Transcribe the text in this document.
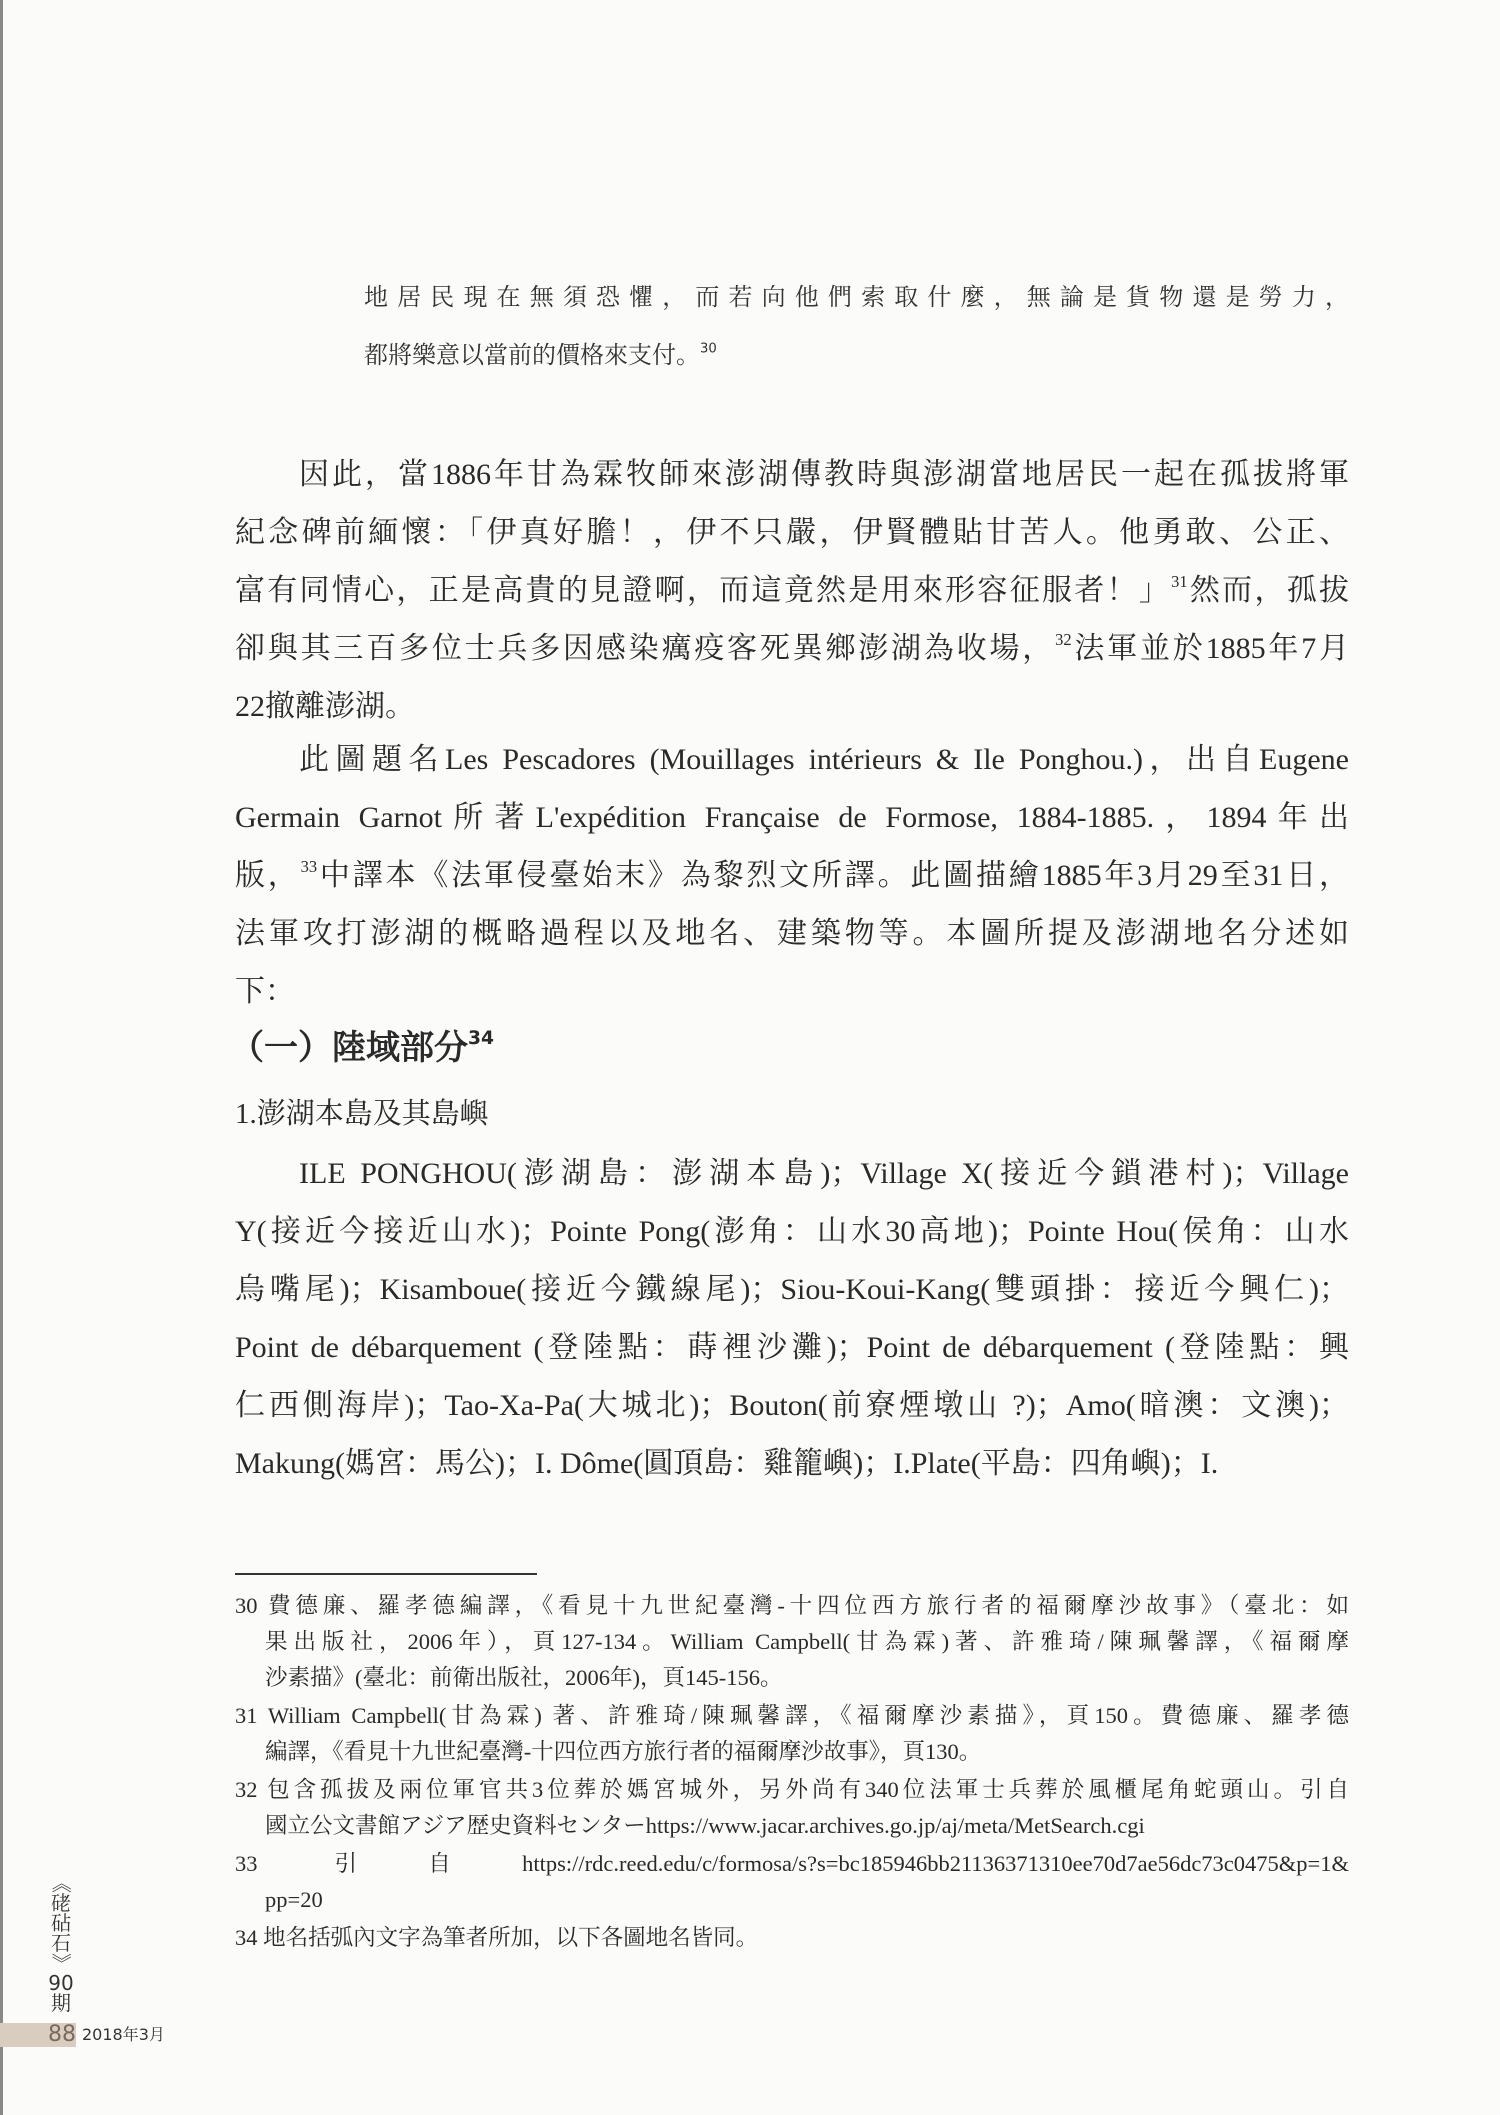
地居民現在無須恐懼，而若向他們索取什麼，無論是貨物還是勞力，
都將樂意以當前的價格來支付。$^{30}$
因此，當1886年甘為霖牧師來澎湖傳教時與澎湖當地居民一起在孤拔將軍
紀念碑前緬懷：「伊真好膽！，伊不只嚴，伊賢體貼甘苦人。他勇敢、公正、
富有同情心，正是高貴的見證啊，而這竟然是用來形容征服者！」$^{31}$然而，孤拔
卻與其三百多位士兵多因感染癘疫客死異鄉澎湖為收場，$^{32}$法軍並於1885年7月
22撤離澎湖。
此圖題名Les Pescadores (Mouillages intérieurs & Ile Ponghou.)，出自Eugene
Germain Garnot所著L'expédition Française de Formose, 1884-1885.，1894年出
版，$^{33}$中譯本《法軍侵臺始末》為黎烈文所譯。此圖描繪1885年3月29至31日，
法軍攻打澎湖的概略過程以及地名、建築物等。本圖所提及澎湖地名分述如
下：
（一）陸域部分$^{34}$
1.澎湖本島及其島嶼
ILE PONGHOU(澎湖島：澎湖本島)；Village X(接近今鎖港村)；Village
Y(接近今接近山水)；Pointe Pong(澎角：山水30高地)；Pointe Hou(侯角：山水
烏嘴尾)；Kisamboue(接近今鐵線尾)；Siou-Koui-Kang(雙頭掛：接近今興仁)；
Point de débarquement (登陸點：蒔裡沙灘)；Point de débarquement (登陸點：興
仁西側海岸)；Tao-Xa-Pa(大城北)；Bouton(前寮煙墩山 ?)；Amo(暗澳：文澳)；
Makung(媽宮：馬公)；I. Dôme(圓頂島：雞籠嶼)；I.Plate(平島：四角嶼)；I.
30 費德廉、羅孝德編譯，《看見十九世紀臺灣-十四位西方旅行者的福爾摩沙故事》（臺北：如
果出版社，2006年），頁127-134。William Campbell(甘為霖)著、許雅琦/陳珮馨譯，《福爾摩
沙素描》(臺北：前衛出版社，2006年)，頁145-156。
31 William Campbell(甘為霖) 著、許雅琦/陳珮馨譯，《福爾摩沙素描》，頁150。費德廉、羅孝德
編譯，《看見十九世紀臺灣-十四位西方旅行者的福爾摩沙故事》，頁130。
32 包含孤拔及兩位軍官共3位葬於媽宮城外，另外尚有340位法軍士兵葬於風櫃尾角蛇頭山。引自
國立公文書館アジア歴史資料センターhttps://www.jacar.archives.go.jp/aj/meta/MetSearch.cgi
33 引自https://rdc.reed.edu/c/formosa/s?s=bc185946bb21136371310ee70d7ae56dc73c0475&p=1&
pp=20
34 地名括弧內文字為筆者所加，以下各圖地名皆同。
《
硓
砧
石
》
90
期
88 2018年3月
